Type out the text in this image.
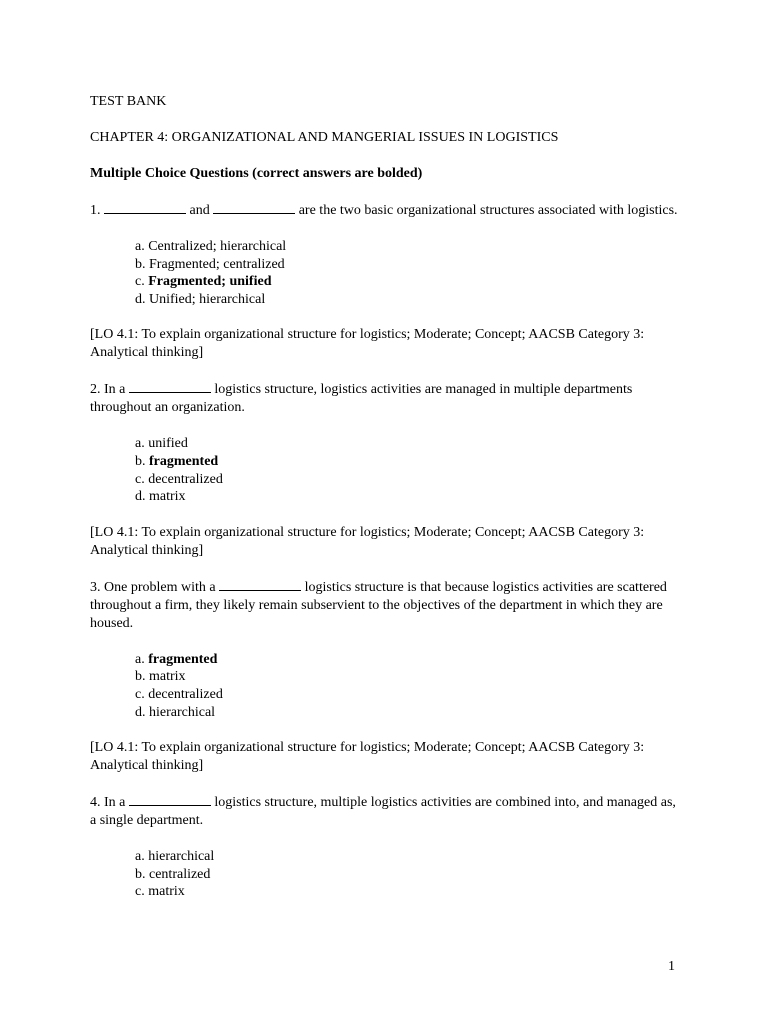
TEST BANK

CHAPTER 4: ORGANIZATIONAL AND MANGERIAL ISSUES IN LOGISTICS

Multiple Choice Questions (correct answers are bolded)

1.	and	are the two basic organizational structures associated with logistics.

a. Centralized; hierarchical
b. Fragmented; centralized
c. Fragmented; unified
d. Unified; hierarchical

[LO 4.1: To explain organizational structure for logistics; Moderate; Concept; AACSB Category 3: Analytical thinking]

2. In a	logistics structure, logistics activities are managed in multiple departments throughout an organization.

a. unified
b. fragmented
c. decentralized
d. matrix

[LO 4.1: To explain organizational structure for logistics; Moderate; Concept; AACSB Category 3: Analytical thinking]

3. One problem with a	logistics structure is that because logistics activities are scattered throughout a firm, they likely remain subservient to the objectives of the department in which they are housed.

a. fragmented
b. matrix
c. decentralized
d. hierarchical

[LO 4.1: To explain organizational structure for logistics; Moderate; Concept; AACSB Category 3: Analytical thinking]

4. In a	logistics structure, multiple logistics activities are combined into, and managed as, a single department.

a. hierarchical
b. centralized
c. matrix
1
